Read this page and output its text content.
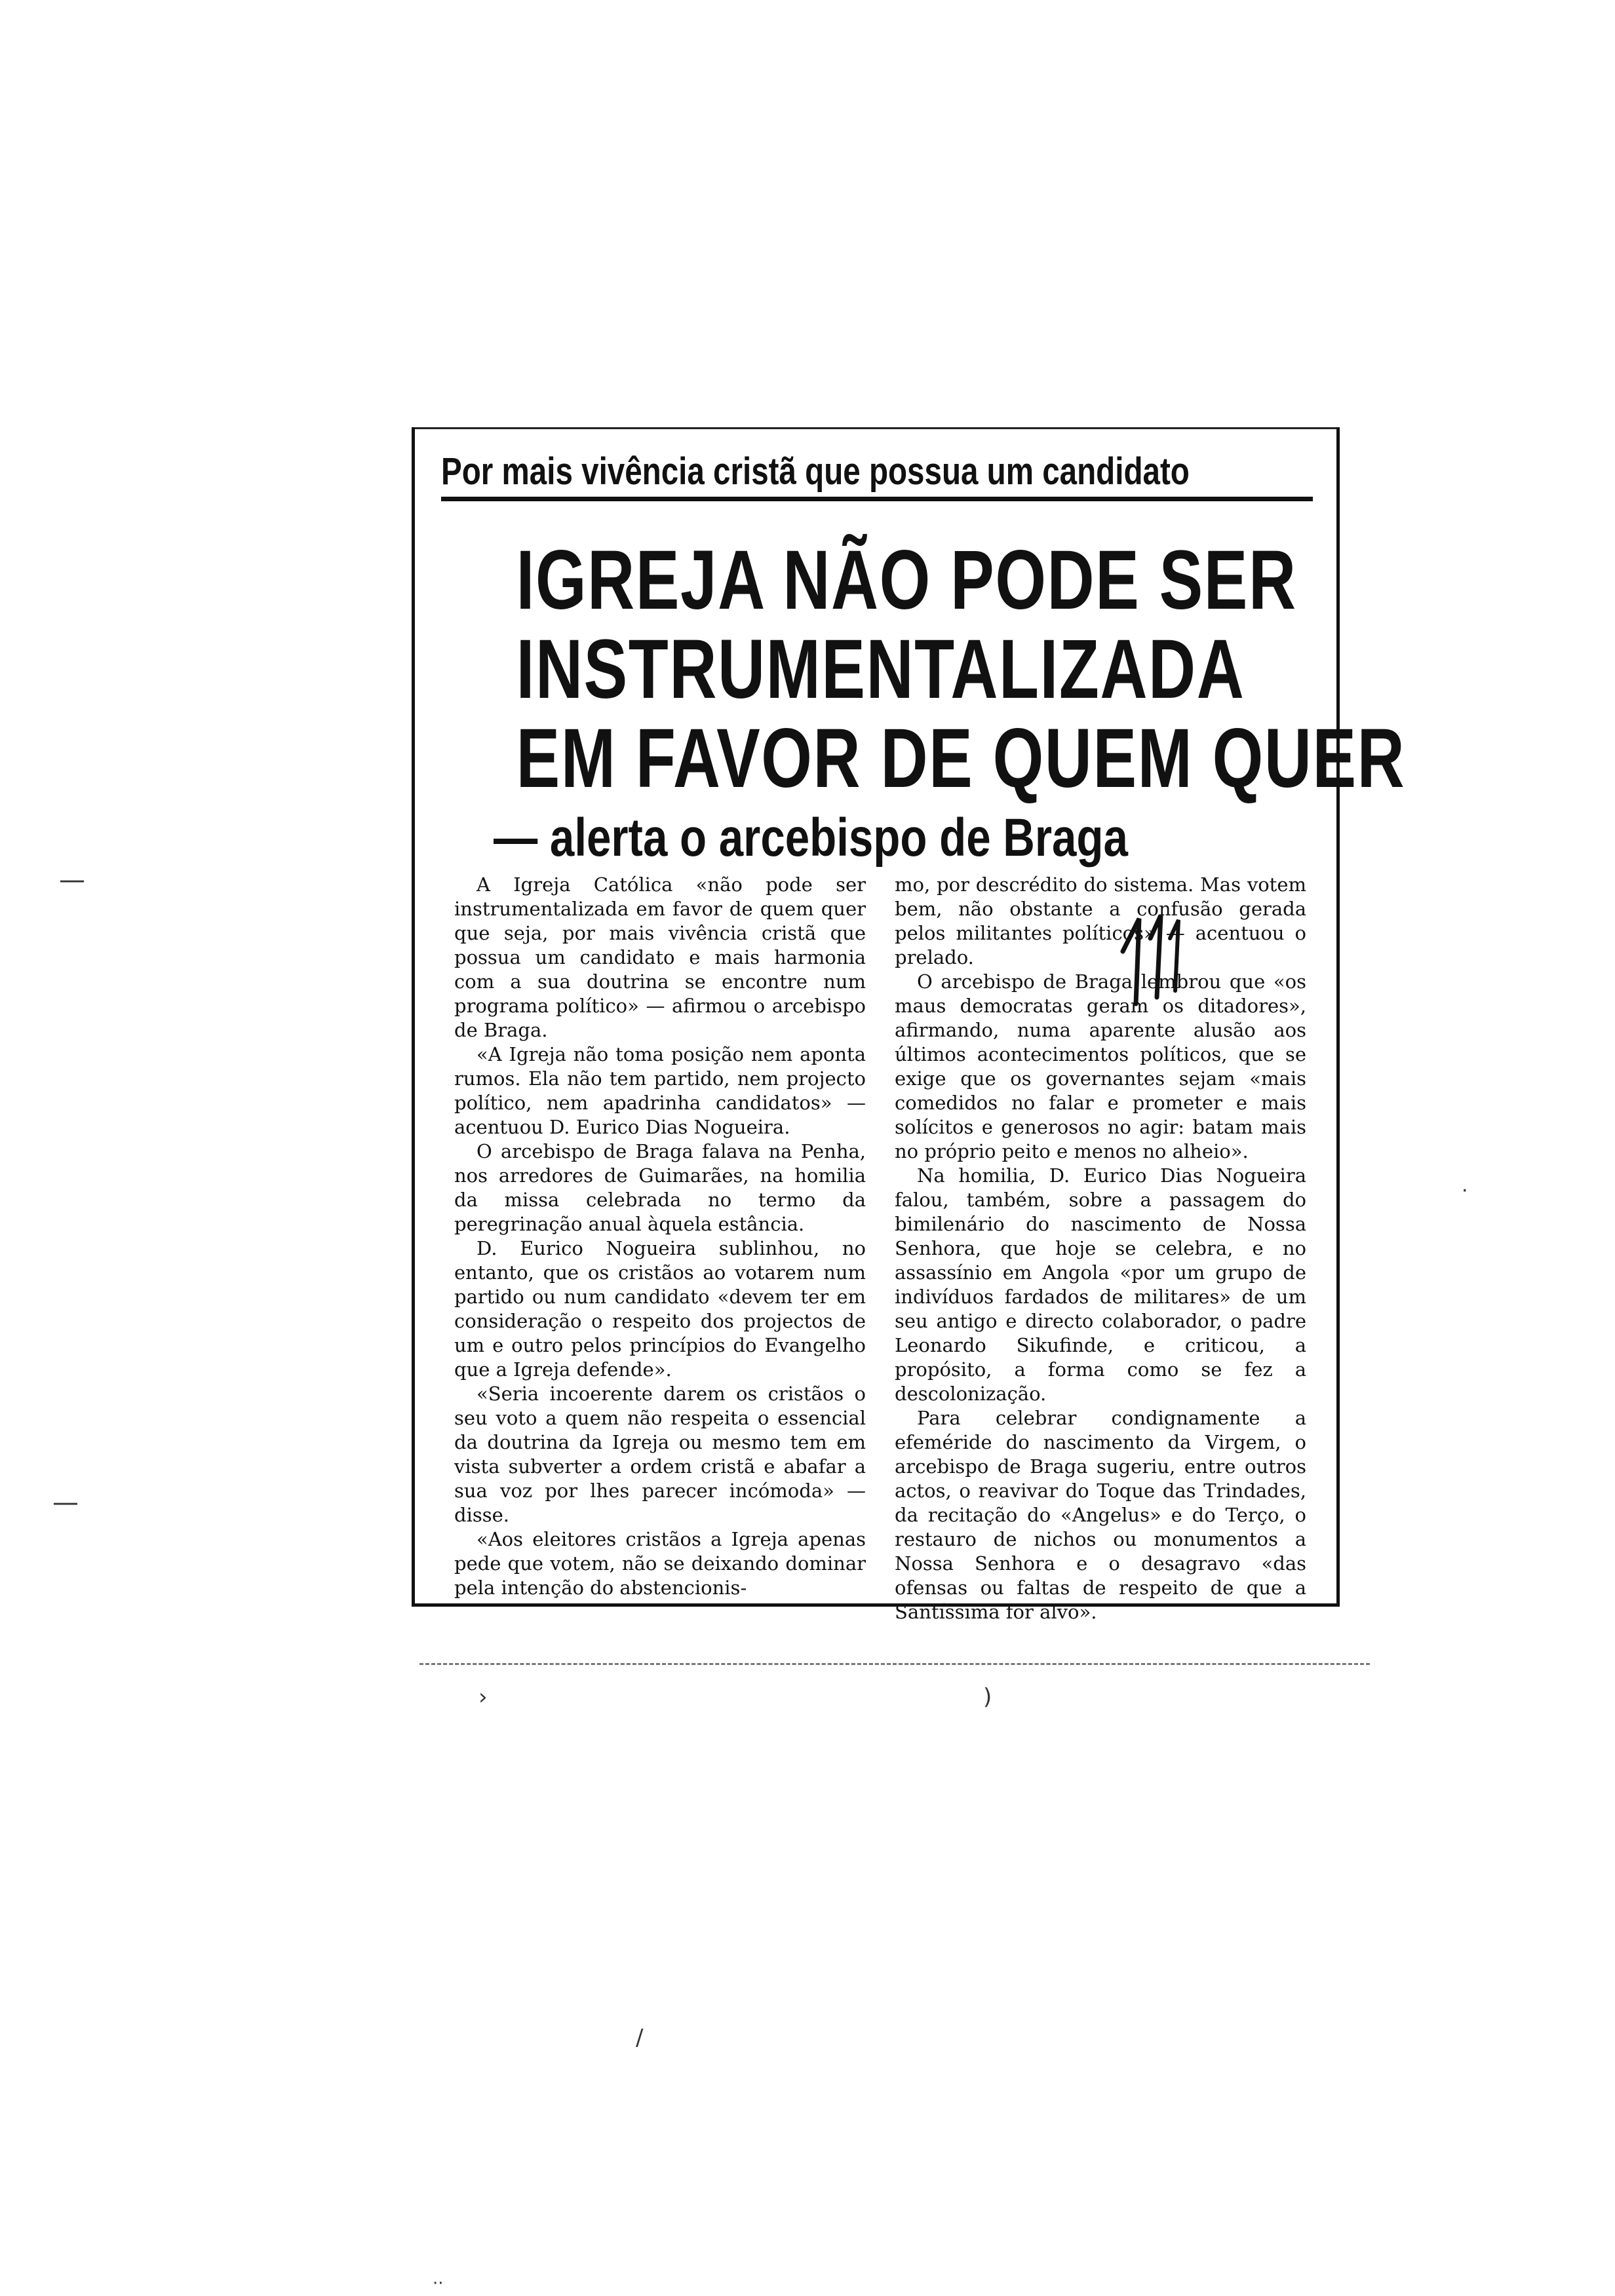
Por mais vivência cristã que possua um candidato
IGREJA NÃO PODE SER
INSTRUMENTALIZADA
EM FAVOR DE QUEM QUER
— alerta o arcebispo de Braga

A Igreja Católica «não pode ser instrumentalizada em favor de quem quer que seja, por mais vivência cristã que possua um candidato e mais harmonia com a sua doutrina se encontre num programa político» — afirmou o arcebispo de Braga.

«A Igreja não toma posição nem aponta rumos. Ela não tem partido, nem projecto político, nem apadrinha candidatos» — acentuou D. Eurico Dias Nogueira.

O arcebispo de Braga falava na Penha, nos arredores de Guimarães, na homilia da missa celebrada no termo da peregrinação anual àquela estância.

D. Eurico Nogueira sublinhou, no entanto, que os cristãos ao votarem num partido ou num candidato «devem ter em consideração o respeito dos projectos de um e outro pelos princípios do Evangelho que a Igreja defende».

«Seria incoerente darem os cristãos o seu voto a quem não respeita o essencial da doutrina da Igreja ou mesmo tem em vista subverter a ordem cristã e abafar a sua voz por lhes parecer incómoda» — disse.

«Aos eleitores cristãos a Igreja apenas pede que votem, não se deixando dominar pela intenção do abstencionis-

mo, por descrédito do sistema. Mas votem bem, não obstante a confusão gerada pelos militantes políticos» — acentuou o prelado.

O arcebispo de Braga lembrou que «os maus democratas geram os ditadores», afirmando, numa aparente alusão aos últimos acontecimentos políticos, que se exige que os governantes sejam «mais comedidos no falar e prometer e mais solícitos e generosos no agir: batam mais no próprio peito e menos no alheio».

Na homilia, D. Eurico Dias Nogueira falou, também, sobre a passagem do bimilenário do nascimento de Nossa Senhora, que hoje se celebra, e no assassínio em Angola «por um grupo de indivíduos fardados de militares» de um seu antigo e directo colaborador, o padre Leonardo Sikufinde, e criticou, a propósito, a forma como se fez a descolonização.

Para celebrar condignamente a efeméride do nascimento da Virgem, o arcebispo de Braga sugeriu, entre outros actos, o reavivar do Toque das Trindades, da recitação do «Angelus» e do Terço, o restauro de nichos ou monumentos a Nossa Senhora e o desagravo «das ofensas ou faltas de respeito de que a Santíssima for alvo».

·
—
—
/
›	)
··
